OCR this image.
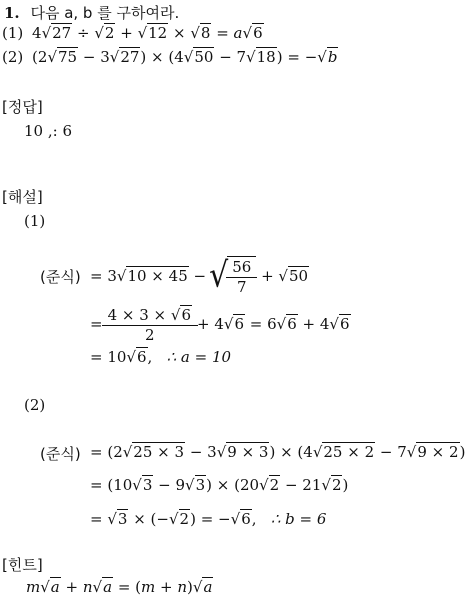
1. 다음 a, b 를 구하여라.
(1) 4√27 ÷ √2 + √12 × √8 = a√6
(2) (2√75 − 3√27) × (4√50 − 7√18) = −√b
[정답]
10 ,: 6
[해설]
(1)
(준식) = 3√10 × 45 − √ $\frac{56}{7} + √50$
= $\frac{4 \times 3 \times √6}{2} + 4√6 = 6√6 + 4√6$
= 10√6,   ∴ a = 10
(2)
(준식) = (2√25 × 3 − 3√9 × 3) × (4√25 × 2 − 7√9 × 2)
= (10√3 − 9√3) × (20√2 − 21√2)
= √3 × (−√2) = −√6,   ∴ b = 6
[힌트]
m√a + n√a = (m + n)√a
